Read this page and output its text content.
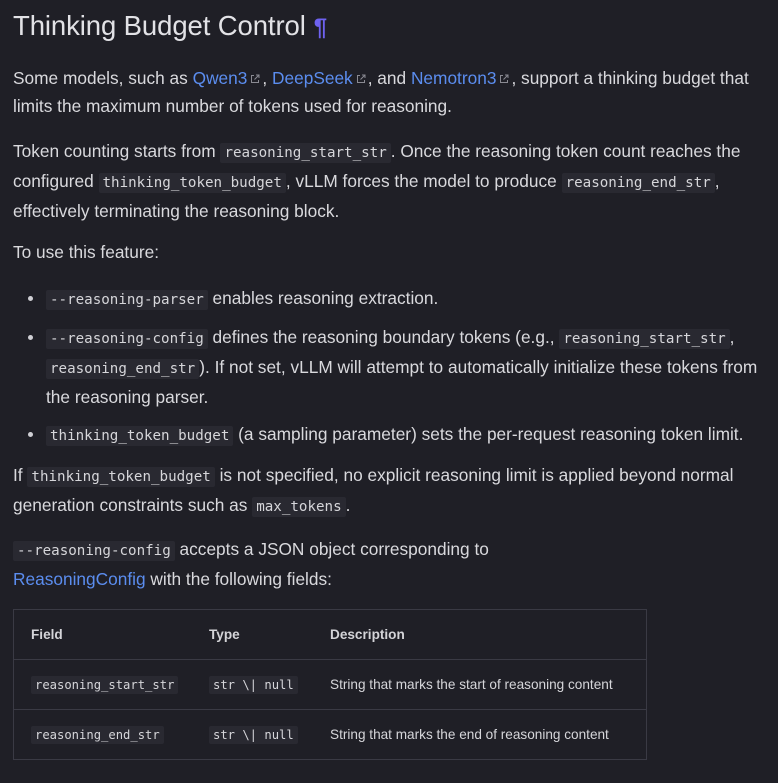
Thinking Budget Control ¶

Some models, such as Qwen3 , DeepSeek , and Nemotron3 , support a thinking budget that limits the maximum number of tokens used for reasoning.

Token counting starts from reasoning_start_str . Once the reasoning token count reaches the configured thinking_token_budget , vLLM forces the model to produce reasoning_end_str , effectively terminating the reasoning block.

To use this feature:

--reasoning-parser enables reasoning extraction.
--reasoning-config defines the reasoning boundary tokens (e.g., reasoning_start_str , reasoning_end_str ). If not set, vLLM will attempt to automatically initialize these tokens from the reasoning parser.
thinking_token_budget (a sampling parameter) sets the per-request reasoning token limit.

If thinking_token_budget is not specified, no explicit reasoning limit is applied beyond normal generation constraints such as max_tokens .

--reasoning-config accepts a JSON object corresponding to
ReasoningConfig with the following fields:

Field	Type	Description
reasoning_start_str	str \| null	String that marks the start of reasoning content
reasoning_end_str	str \| null	String that marks the end of reasoning content
